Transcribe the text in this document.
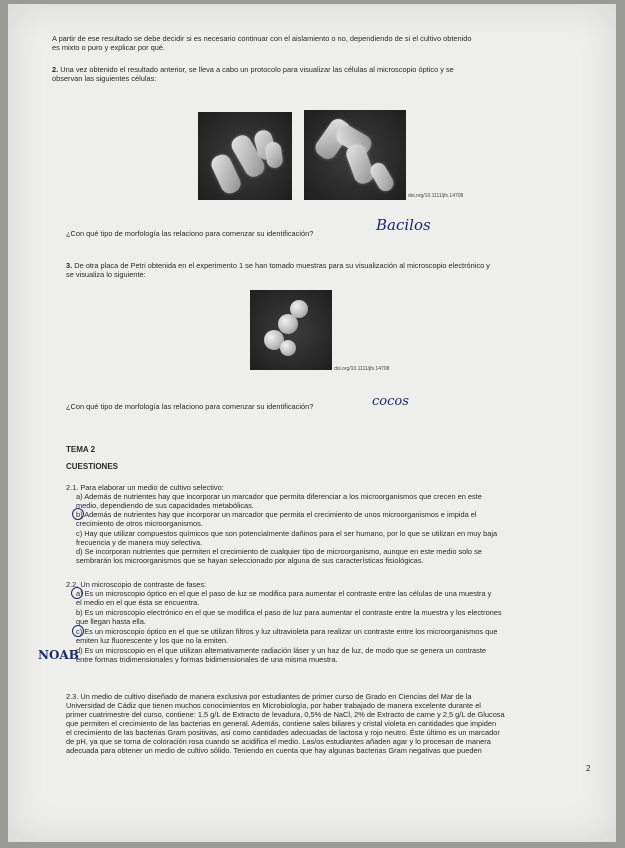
A partir de ese resultado se debe decidir si es necesario continuar con el aislamiento o no, dependiendo de si el cultivo obtenido
es mixto o puro y explicar por qué.
2. Una vez obtenido el resultado anterior, se lleva a cabo un protocolo para visualizar las células al microscopio óptico y se
observan las siguientes células:
doi.org/10.1111/jfs.14708
¿Con qué tipo de morfología las relaciono para comenzar su identificación?	Bacilos
3. De otra placa de Petri obtenida en el experimento 1 se han tomado muestras para su visualización al microscopio electrónico y
se visualiza lo siguiente:
doi.org/10.1111/jfs.14708
¿Con qué tipo de morfología las relaciono para comenzar su identificación?	cocos
TEMA 2
CUESTIONES
2.1. Para elaborar un medio de cultivo selectivo:
a) Además de nutrientes hay que incorporar un marcador que permita diferenciar a los microorganismos que crecen en este
medio, dependiendo de sus capacidades metabólicas.
b) Además de nutrientes hay que incorporar un marcador que permita el crecimiento de unos microorganismos e impida el
crecimiento de otros microorganismos.
c) Hay que utilizar compuestos químicos que son potencialmente dañinos para el ser humano, por lo que se utilizan en muy baja
frecuencia y de manera muy selectiva.
d) Se incorporan nutrientes que permiten el crecimiento de cualquier tipo de microorganismo, aunque en este medio solo se
sembrarán los microorganismos que se hayan seleccionado por alguna de sus características fisiológicas.
2.2. Un microscopio de contraste de fases:
a) Es un microscopio óptico en el que el paso de luz se modifica para aumentar el contraste entre las células de una muestra y
el medio en el que ésta se encuentra.
b) Es un microscopio electrónico en el que se modifica el paso de luz para aumentar el contraste entre la muestra y los electrones
que llegan hasta ella.
c) Es un microscopio óptico en el que se utilizan filtros y luz ultravioleta para realizar un contraste entre los microorganismos que
emiten luz fluorescente y los que no la emiten.
d) Es un microscopio en el que utilizan alternativamente radiación láser y un haz de luz, de modo que se genera un contraste
entre formas tridimensionales y formas bidimensionales de una misma muestra.
NOAB
2.3. Un medio de cultivo diseñado de manera exclusiva por estudiantes de primer curso de Grado en Ciencias del Mar de la
Universidad de Cádiz que tienen muchos conocimientos en Microbiología, por haber trabajado de manera excelente durante el
primer cuatrimestre del curso, contiene: 1,5 g/L de Extracto de levadura, 0,5% de NaCl, 2% de Extracto de carne y 2,5 g/L de Glucosa
que permiten el crecimiento de las bacterias en general. Además, contiene sales biliares y cristal violeta en cantidades que impiden
el crecimiento de las bacterias Gram positivas, así como cantidades adecuadas de lactosa y rojo neutro. Éste último es un marcador
de pH, ya que se torna de coloración rosa cuando se acidifica el medio. Las/os estudiantes añaden agar y lo procesan de manera
adecuada para obtener un medio de cultivo sólido. Teniendo en cuenta que hay algunas bacterias Gram negativas que pueden
2
